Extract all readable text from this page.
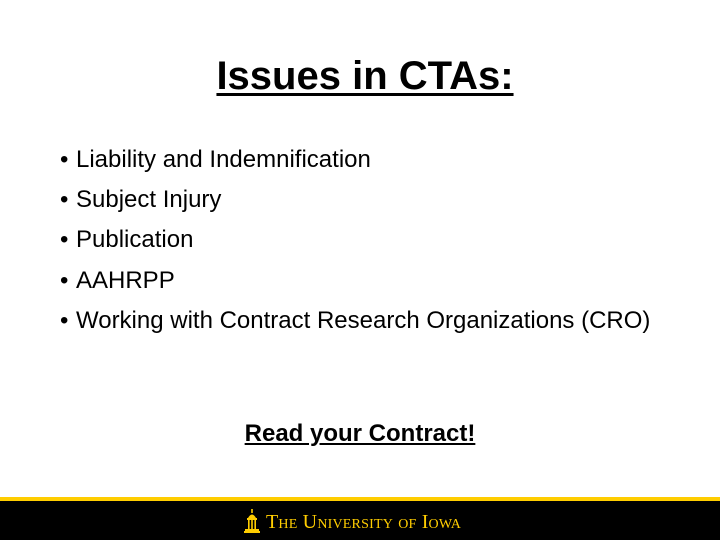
Issues in CTAs:
• Liability and Indemnification
• Subject Injury
• Publication
• AAHRPP
• Working with Contract Research Organizations (CRO)
Read your Contract!
The University of Iowa
